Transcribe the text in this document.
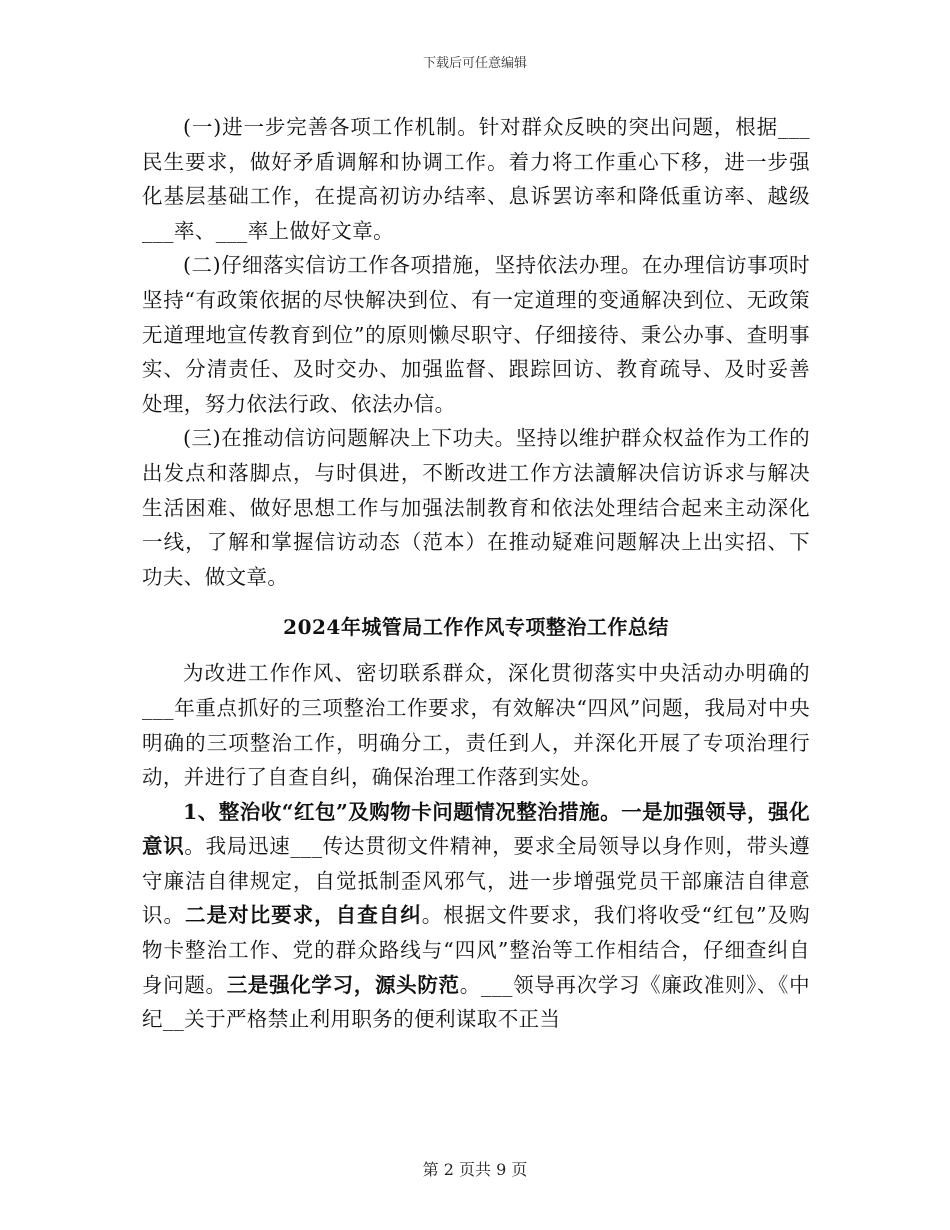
下载后可任意编辑

(一)进一步完善各项工作机制。针对群众反映的突出问题，根据___民生要求，做好矛盾调解和协调工作。着力将工作重心下移，进一步强化基层基础工作，在提高初访办结率、息诉罢访率和降低重访率、越级___率、___率上做好文章。

(二)仔细落实信访工作各项措施，坚持依法办理。在办理信访事项时坚持“有政策依据的尽快解决到位、有一定道理的变通解决到位、无政策无道理地宣传教育到位”的原则懒尽职守、仔细接待、秉公办事、查明事实、分清责任、及时交办、加强监督、跟踪回访、教育疏导、及时妥善处理，努力依法行政、依法办信。

(三)在推动信访问题解决上下功夫。坚持以维护群众权益作为工作的出发点和落脚点，与时俱进，不断改进工作方法讀解决信访诉求与解决生活困难、做好思想工作与加强法制教育和依法处理结合起来主动深化一线，了解和掌握信访动态（范本）在推动疑难问题解决上出实招、下功夫、做文章。

2024年城管局工作作风专项整治工作总结

为改进工作作风、密切联系群众，深化贯彻落实中央活动办明确的___年重点抓好的三项整治工作要求，有效解决“四风”问题，我局对中央明确的三项整治工作，明确分工，责任到人，并深化开展了专项治理行动，并进行了自查自纠，确保治理工作落到实处。

1、整治收“红包”及购物卡问题情况整治措施。一是加强领导，强化意识。我局迅速___传达贯彻文件精神，要求全局领导以身作则，带头遵守廉洁自律规定，自觉抵制歪风邪气，进一步增强党员干部廉洁自律意识。二是对比要求，自查自纠。根据文件要求，我们将收受“红包”及购物卡整治工作、党的群众路线与“四风”整治等工作相结合，仔细查纠自身问题。三是强化学习，源头防范。___领导再次学习《廉政准则》、《中纪__关于严格禁止利用职务的便利谋取不正当

第 2 页共 9 页
